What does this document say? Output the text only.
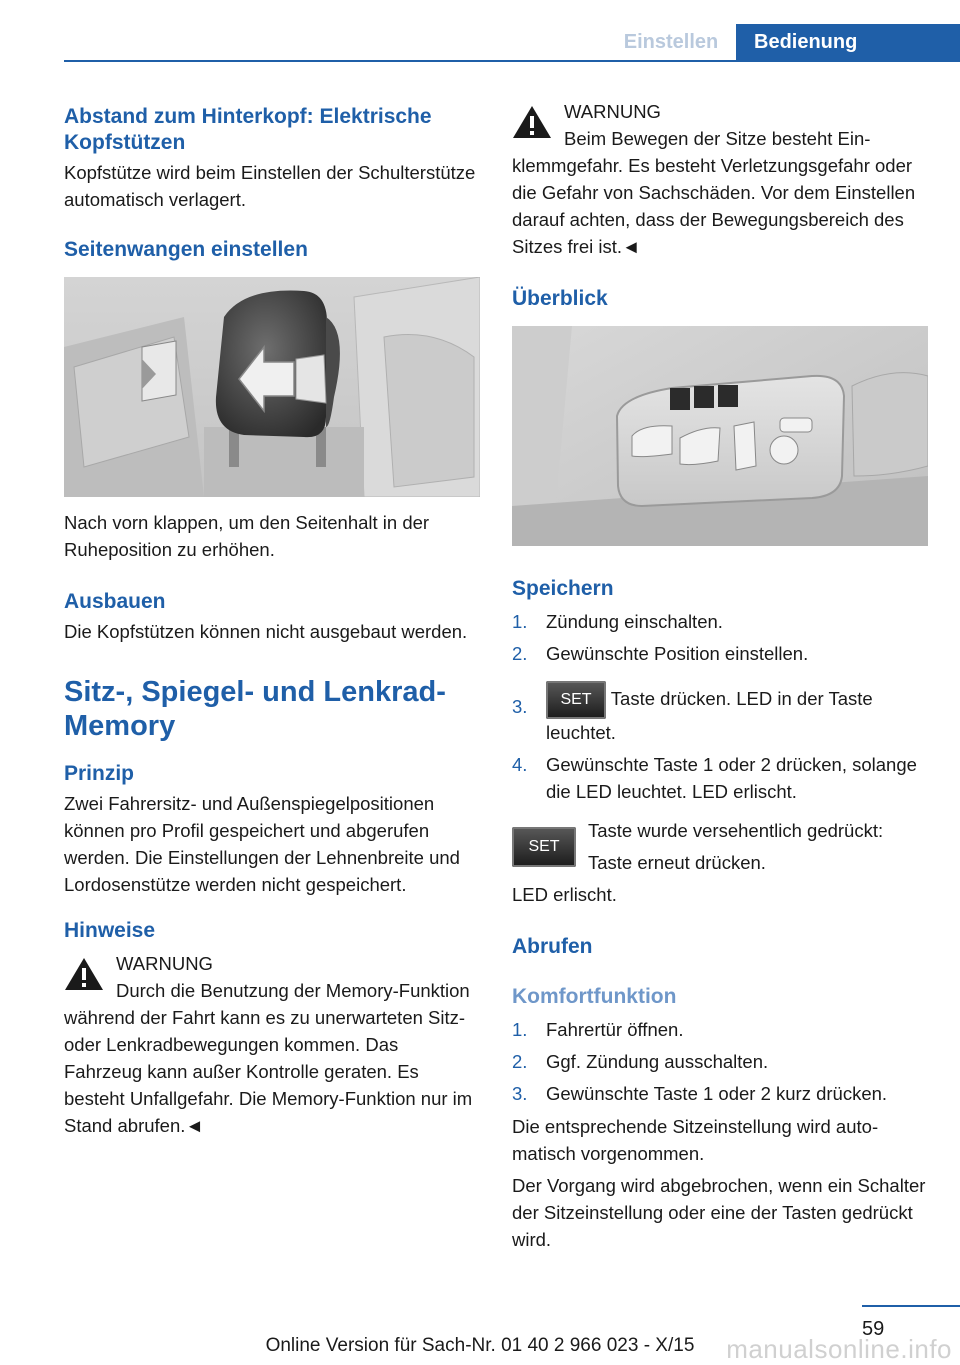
Einstellen	Bedienung
Abstand zum Hinterkopf: Elektrische Kopfstützen

Kopfstütze wird beim Einstellen der Schulterstütze automatisch verlagert.

Seitenwangen einstellen

Nach vorn klappen, um den Seitenhalt in der Ruheposition zu erhöhen.

Ausbauen

Die Kopfstützen können nicht ausgebaut werden.

Sitz-, Spiegel- und Lenkrad-Memory
Prinzip

Zwei Fahrersitz- und Außenspiegelpositionen können pro Profil gespeichert und abgerufen werden. Die Einstellungen der Lehnenbreite und Lordosenstütze werden nicht gespeichert.

Hinweise
WARNUNG
Durch die Benutzung der Memory-Funktion während der Fahrt kann es zu unerwarteten Sitz- oder Lenkradbewegungen kommen. Das Fahrzeug kann außer Kontrolle geraten. Es besteht Unfallgefahr. Die Memory-Funktion nur im Stand abrufen.◄
WARNUNG
Beim Bewegen der Sitze besteht Einklemmgefahr. Es besteht Verletzungsgefahr oder die Gefahr von Sachschäden. Vor dem Einstellen darauf achten, dass der Bewegungsbereich des Sitzes frei ist.◄
Überblick
Speichern
1. Zündung einschalten.
2. Gewünschte Position einstellen.
3. SET Taste drücken. LED in der Taste leuchtet.
4. Gewünschte Taste 1 oder 2 drücken, solange die LED leuchtet. LED erlischt.
SET
Taste wurde versehentlich gedrückt:
Taste erneut drücken.

LED erlischt.

Abrufen
Komfortfunktion
1. Fahrertür öffnen.
2. Ggf. Zündung ausschalten.
3. Gewünschte Taste 1 oder 2 kurz drücken.

Die entsprechende Sitzeinstellung wird automatisch vorgenommen.

Der Vorgang wird abgebrochen, wenn ein Schalter der Sitzeinstellung oder eine der Tasten gedrückt wird.

59
Online Version für Sach-Nr. 01 40 2 966 023 - X/15	manualsonline.info
